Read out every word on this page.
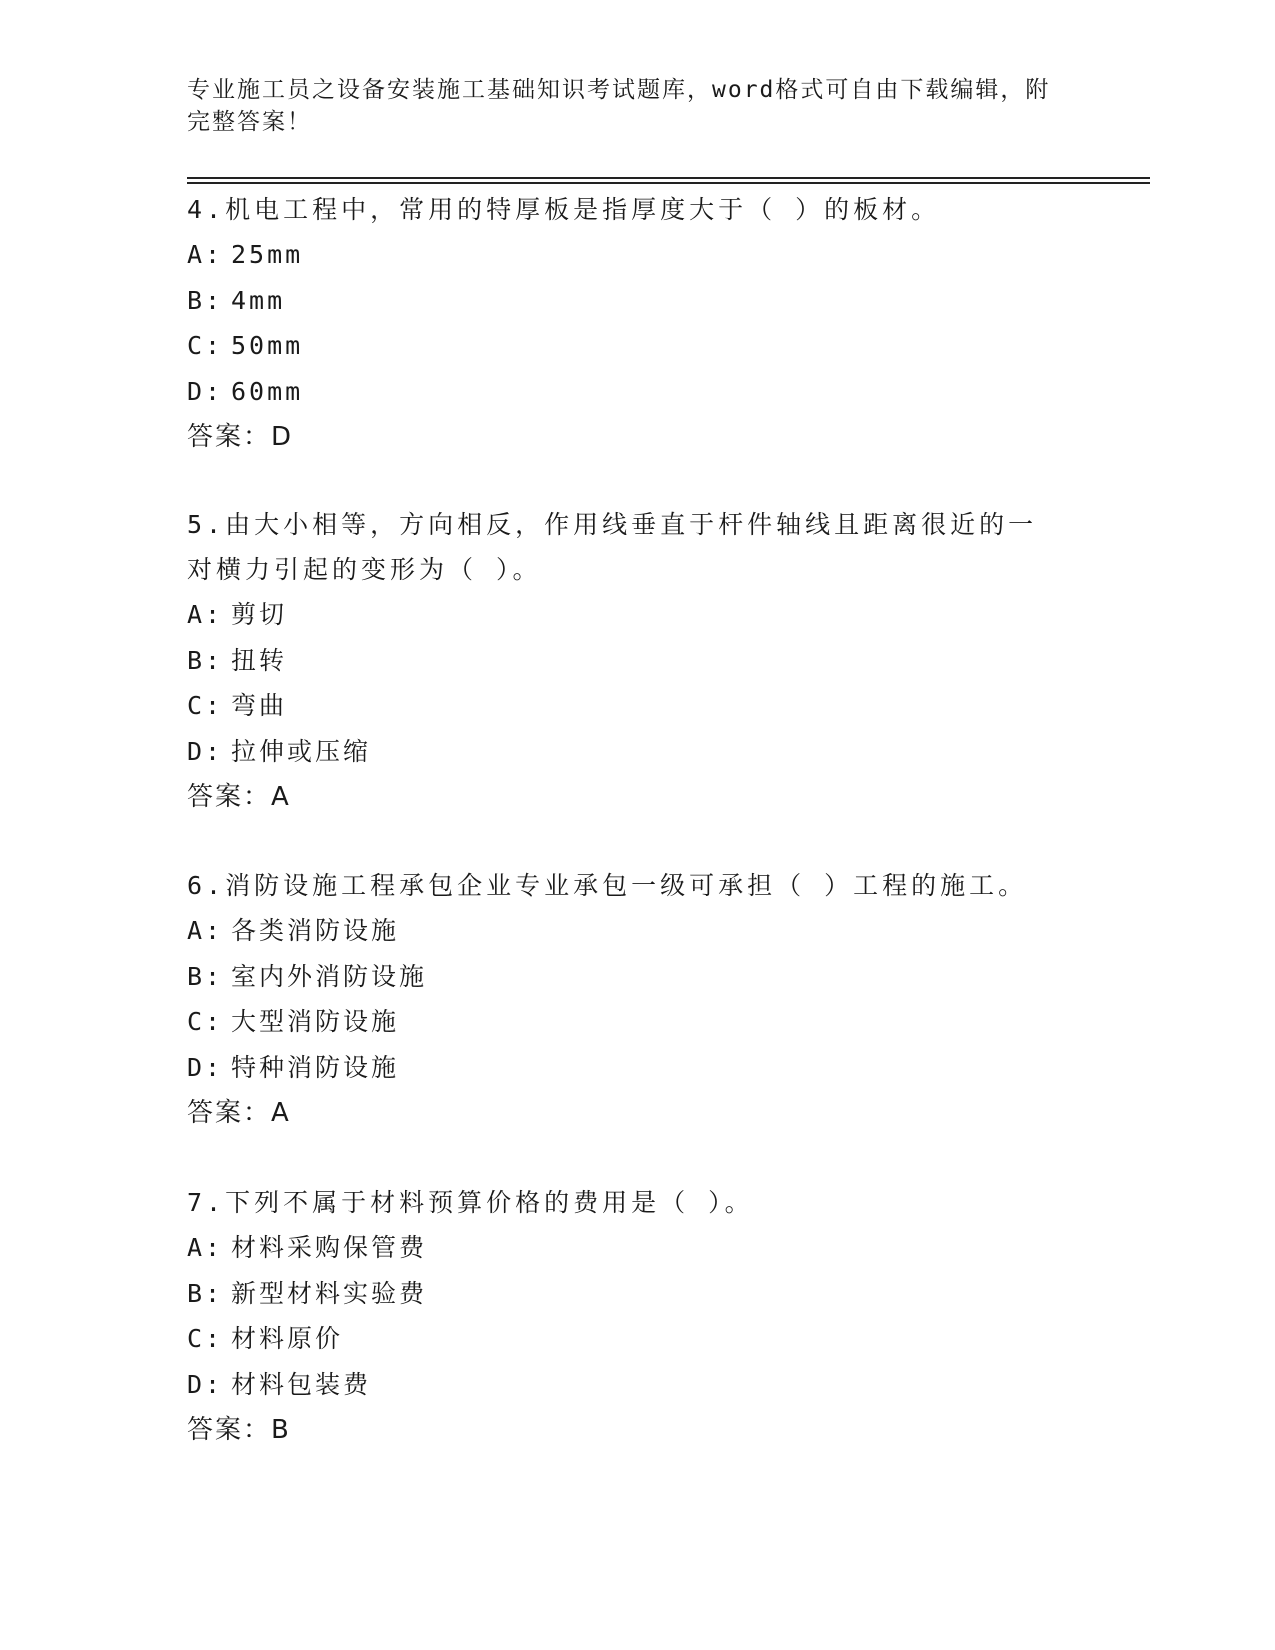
专业施工员之设备安装施工基础知识考试题库，word格式可自由下载编辑，附完整答案！

4.机电工程中，常用的特厚板是指厚度大于（ ）的板材。

A: 25mm

B: 4mm

C: 50mm

D: 60mm

答案：D

5.由大小相等，方向相反，作用线垂直于杆件轴线且距离很近的一对横力引起的变形为（ ）。

A: 剪切

B: 扭转

C: 弯曲

D: 拉伸或压缩

答案：A

6.消防设施工程承包企业专业承包一级可承担（ ）工程的施工。

A: 各类消防设施

B: 室内外消防设施

C: 大型消防设施

D: 特种消防设施

答案：A

7.下列不属于材料预算价格的费用是（ ）。

A: 材料采购保管费

B: 新型材料实验费

C: 材料原价

D: 材料包装费

答案：B
